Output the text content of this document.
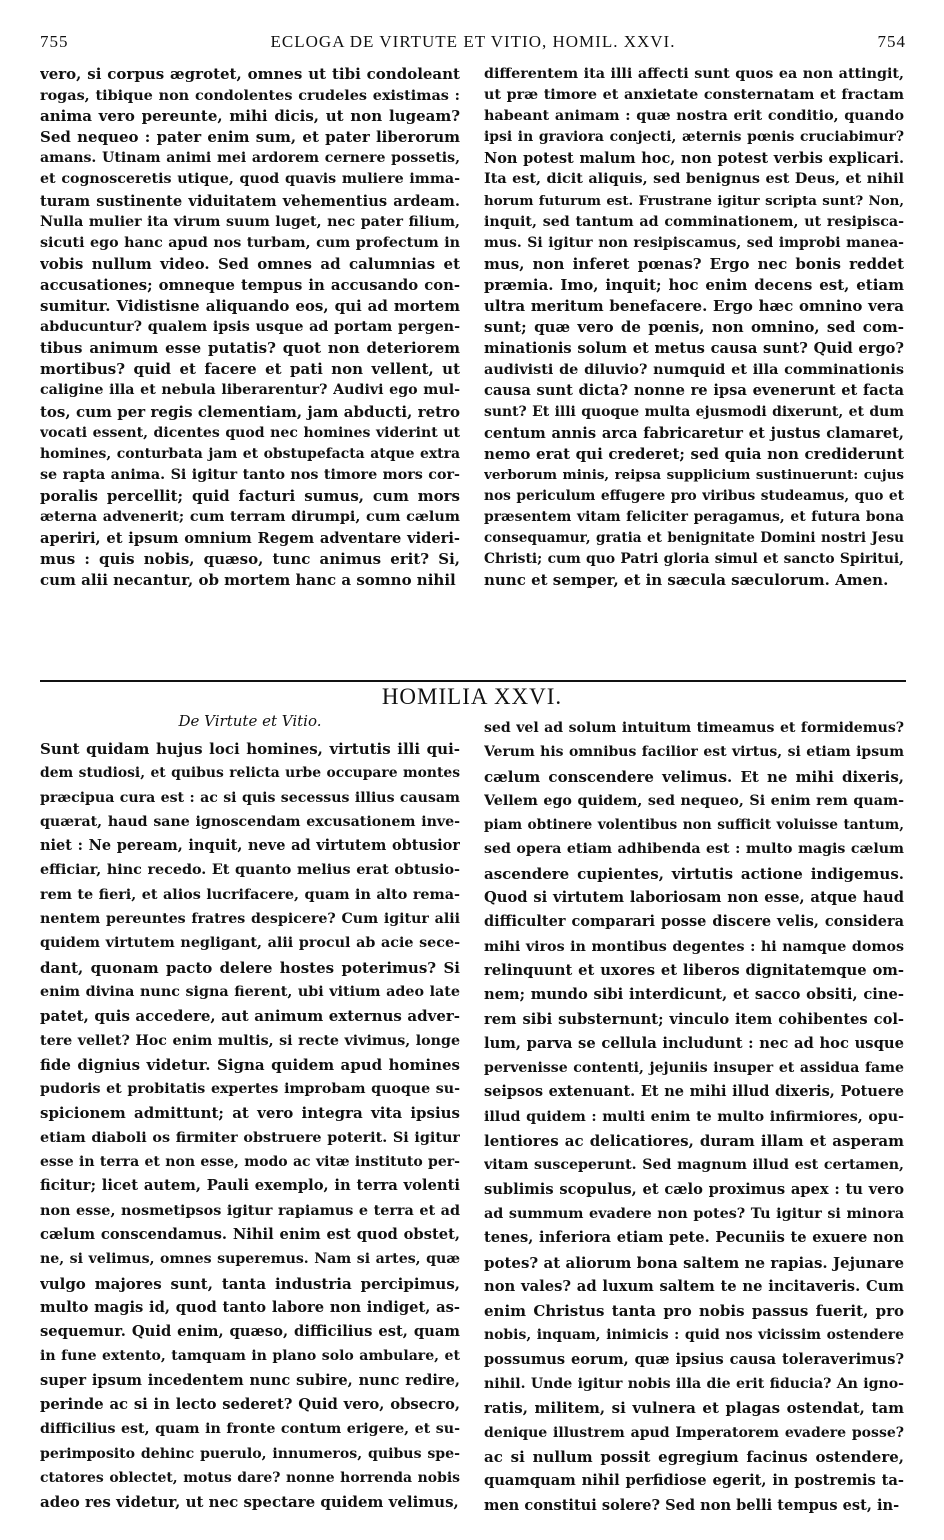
755	ECLOGA DE VIRTUTE ET VITIO, HOMIL. XXVI.	754
vero, si corpus ægrotet, omnes ut tibi condoleant
rogas, tibique non condolentes crudeles existimas :
anima vero pereunte, mihi dicis, ut non lugeam?
Sed nequeo : pater enim sum, et pater liberorum
amans. Utinam animi mei ardorem cernere possetis,
et cognosceretis utique, quod quavis muliere imma-
turam sustinente viduitatem vehementius ardeam.
Nulla mulier ita virum suum luget, nec pater filium,
sicuti ego hanc apud nos turbam, cum profectum in
vobis nullum video. Sed omnes ad calumnias et
accusationes; omneque tempus in accusando con-
sumitur. Vidistisne aliquando eos, qui ad mortem
abducuntur? qualem ipsis usque ad portam pergen-
tibus animum esse putatis? quot non deteriorem
mortibus? quid et facere et pati non vellent, ut
caligine illa et nebula liberarentur? Audivi ego mul-
tos, cum per regis clementiam, jam abducti, retro
vocati essent, dicentes quod nec homines viderint ut
homines, conturbata jam et obstupefacta atque extra
se rapta anima. Si igitur tanto nos timore mors cor-
poralis percellit; quid facturi sumus, cum mors
æterna advenerit; cum terram dirumpi, cum cælum
aperiri, et ipsum omnium Regem adventare videri-
mus : quis nobis, quæso, tunc animus erit? Si,
cum alii necantur, ob mortem hanc a somno nihil
differentem ita illi affecti sunt quos ea non attingit,
ut præ timore et anxietate consternatam et fractam
habeant animam : quæ nostra erit conditio, quando
ipsi in graviora conjecti, æternis pœnis cruciabimur?
Non potest malum hoc, non potest verbis explicari.
Ita est, dicit aliquis, sed benignus est Deus, et nihil
horum futurum est. Frustrane igitur scripta sunt? Non,
inquit, sed tantum ad comminationem, ut resipisca-
mus. Si igitur non resipiscamus, sed improbi manea-
mus, non inferet pœnas? Ergo nec bonis reddet
præmia. Imo, inquit; hoc enim decens est, etiam
ultra meritum benefacere. Ergo hæc omnino vera
sunt; quæ vero de pœnis, non omnino, sed com-
minationis solum et metus causa sunt? Quid ergo?
audivisti de diluvio? numquid et illa comminationis
causa sunt dicta? nonne re ipsa evenerunt et facta
sunt? Et illi quoque multa ejusmodi dixerunt, et dum
centum annis arca fabricaretur et justus clamaret,
nemo erat qui crederet; sed quia non crediderunt
verborum minis, reipsa supplicium sustinuerunt: cujus
nos periculum effugere pro viribus studeamus, quo et
præsentem vitam feliciter peragamus, et futura bona
consequamur, gratia et benignitate Domini nostri Jesu
Christi; cum quo Patri gloria simul et sancto Spiritui,
nunc et semper, et in sæcula sæculorum. Amen.
HOMILIA XXVI.
De Virtute et Vitio.
Sunt quidam hujus loci homines, virtutis illi qui-
dem studiosi, et quibus relicta urbe occupare montes
præcipua cura est : ac si quis secessus illius causam
quærat, haud sane ignoscendam excusationem inve-
niet : Ne peream, inquit, neve ad virtutem obtusior
efficiar, hinc recedo. Et quanto melius erat obtusio-
rem te fieri, et alios lucrifacere, quam in alto rema-
nentem pereuntes fratres despicere? Cum igitur alii
quidem virtutem negligant, alii procul ab acie sece-
dant, quonam pacto delere hostes poterimus? Si
enim divina nunc signa fierent, ubi vitium adeo late
patet, quis accedere, aut animum externus adver-
tere vellet? Hoc enim multis, si recte vivimus, longe
fide dignius videtur. Signa quidem apud homines
pudoris et probitatis expertes improbam quoque su-
spicionem admittunt; at vero integra vita ipsius
etiam diaboli os firmiter obstruere poterit. Si igitur
esse in terra et non esse, modo ac vitæ instituto per-
ficitur; licet autem, Pauli exemplo, in terra volenti
non esse, nosmetipsos igitur rapiamus e terra et ad
cælum conscendamus. Nihil enim est quod obstet,
ne, si velimus, omnes superemus. Nam si artes, quæ
vulgo majores sunt, tanta industria percipimus,
multo magis id, quod tanto labore non indiget, as-
sequemur. Quid enim, quæso, difficilius est, quam
in fune extento, tamquam in plano solo ambulare, et
super ipsum incedentem nunc subire, nunc redire,
perinde ac si in lecto sederet? Quid vero, obsecro,
difficilius est, quam in fronte contum erigere, et su-
perimposito dehinc puerulo, innumeros, quibus spe-
ctatores oblectet, motus dare? nonne horrenda nobis
adeo res videtur, ut nec spectare quidem velimus,
sed vel ad solum intuitum timeamus et formidemus?
Verum his omnibus facilior est virtus, si etiam ipsum
cælum conscendere velimus. Et ne mihi dixeris,
Vellem ego quidem, sed nequeo, Si enim rem quam-
piam obtinere volentibus non sufficit voluisse tantum,
sed opera etiam adhibenda est : multo magis cælum
ascendere cupientes, virtutis actione indigemus.
Quod si virtutem laboriosam non esse, atque haud
difficulter comparari posse discere velis, considera
mihi viros in montibus degentes : hi namque domos
relinquunt et uxores et liberos dignitatemque om-
nem; mundo sibi interdicunt, et sacco obsiti, cine-
rem sibi substernunt; vinculo item cohibentes col-
lum, parva se cellula includunt : nec ad hoc usque
pervenisse contenti, jejuniis insuper et assidua fame
seipsos extenuant. Et ne mihi illud dixeris, Potuere
illud quidem : multi enim te multo infirmiores, opu-
lentiores ac delicatiores, duram illam et asperam
vitam susceperunt. Sed magnum illud est certamen,
sublimis scopulus, et cælo proximus apex : tu vero
ad summum evadere non potes? Tu igitur si minora
tenes, inferiora etiam pete. Pecuniis te exuere non
potes? at aliorum bona saltem ne rapias. Jejunare
non vales? ad luxum saltem te ne incitaveris. Cum
enim Christus tanta pro nobis passus fuerit, pro
nobis, inquam, inimicis : quid nos vicissim ostendere
possumus eorum, quæ ipsius causa toleraverimus?
nihil. Unde igitur nobis illa die erit fiducia? An igno-
ratis, militem, si vulnera et plagas ostendat, tam
denique illustrem apud Imperatorem evadere posse?
ac si nullum possit egregium facinus ostendere,
quamquam nihil perfidiose egerit, in postremis ta-
men constitui solere? Sed non belli tempus est, in-
